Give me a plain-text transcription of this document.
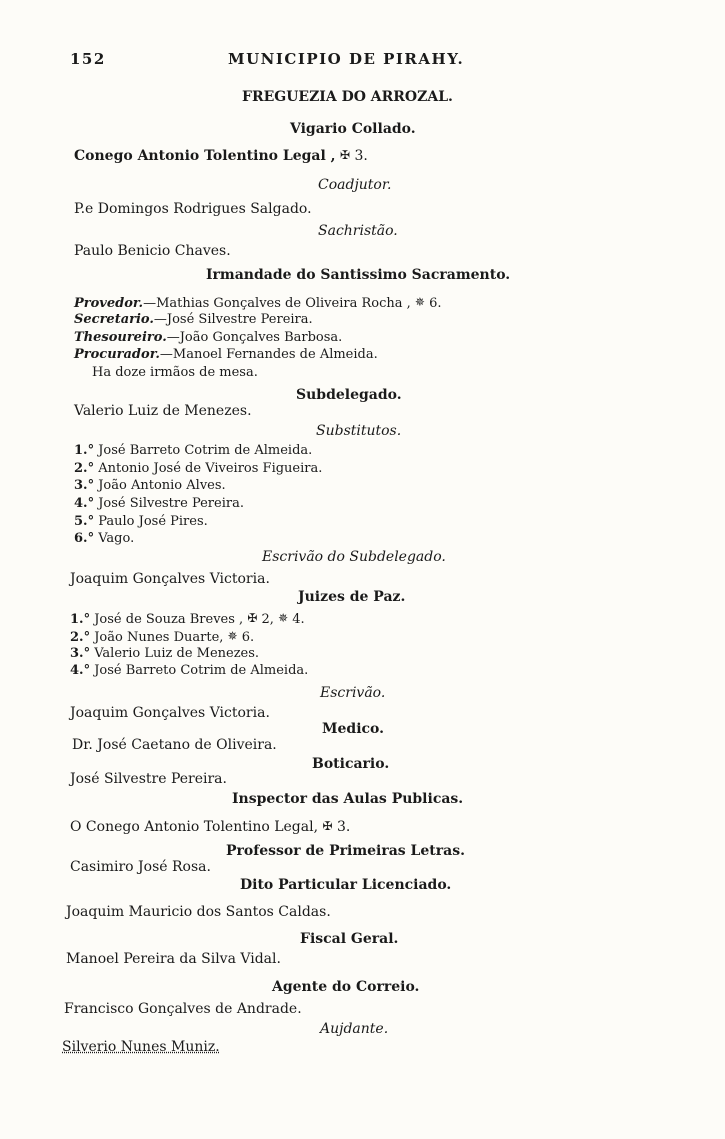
152	MUNICIPIO DE PIRAHY.
FREGUEZIA DO ARROZAL.
Vigario Collado.
Conego Antonio Tolentino Legal , ✠ 3.
Coadjutor.
P.e Domingos Rodrigues Salgado.
Sachristão.
Paulo Benicio Chaves.
Irmandade do Santissimo Sacramento.
Provedor.—Mathias Gonçalves de Oliveira Rocha , ✵ 6.
Secretario.—José Silvestre Pereira.
Thesoureiro.—João Gonçalves Barbosa.
Procurador.—Manoel Fernandes de Almeida.
Ha doze irmãos de mesa.
Subdelegado.
Valerio Luiz de Menezes.
Substitutos.
1.° José Barreto Cotrim de Almeida.
2.° Antonio José de Viveiros Figueira.
3.° João Antonio Alves.
4.° José Silvestre Pereira.
5.° Paulo José Pires.
6.° Vago.
Escrivão do Subdelegado.
Joaquim Gonçalves Victoria.
Juizes de Paz.
1.° José de Souza Breves , ✠ 2, ✵ 4.
2.° João Nunes Duarte, ✵ 6.
3.° Valerio Luiz de Menezes.
4.° José Barreto Cotrim de Almeida.
Escrivão.
Joaquim Gonçalves Victoria.
Medico.
Dr. José Caetano de Oliveira.
Boticario.
José Silvestre Pereira.
Inspector das Aulas Publicas.
O Conego Antonio Tolentino Legal, ✠ 3.
Professor de Primeiras Letras.
Casimiro José Rosa.
Dito Particular Licenciado.
Joaquim Mauricio dos Santos Caldas.
Fiscal Geral.
Manoel Pereira da Silva Vidal.
Agente do Correio.
Francisco Gonçalves de Andrade.
Aujdante.
Silverio Nunes Muniz.
